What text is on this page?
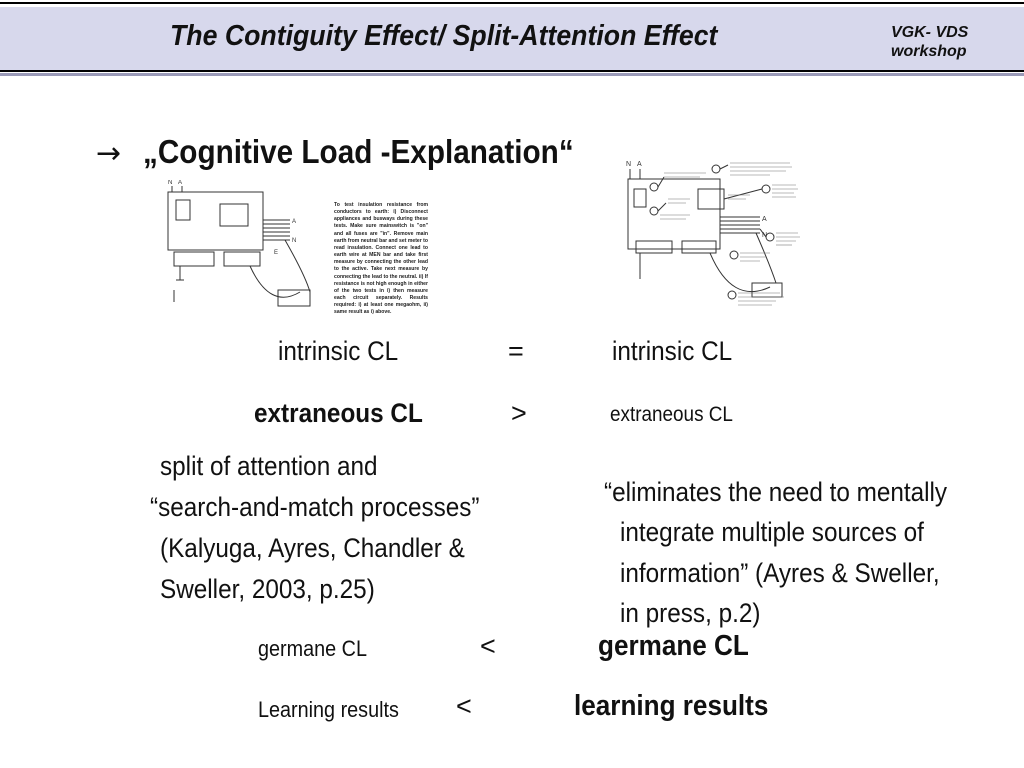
The Contiguity Effect/ Split-Attention Effect	VGK- VDS
workshop
→ „Cognitive Load -Explanation“
N A
A
N
E
To test insulation resistance from conductors to earth: i) Disconnect appliances and busways during these tests. Make sure mainswitch is "on" and all fuses are "in". Remove main earth from neutral bar and set meter to read insulation. Connect one lead to earth wire at MEN bar and take first measure by connecting the other lead to the active. Take next measure by connecting the lead to the neutral. ii) If resistance is not high enough in either of the two tests in i) then measure each circuit separately. Results required: i) at least one megaohm, ii) same result as i) above.
N A
A
N
intrinsic CL	=	intrinsic CL
extraneous CL	>	extraneous CL
split of attention and
“search-and-match processes”
(Kalyuga, Ayres, Chandler &
Sweller, 2003, p.25)
“eliminates the need to mentally
integrate multiple sources of
information” (Ayres & Sweller,
in press, p.2)
germane CL	<	germane CL
Learning results <	learning results
